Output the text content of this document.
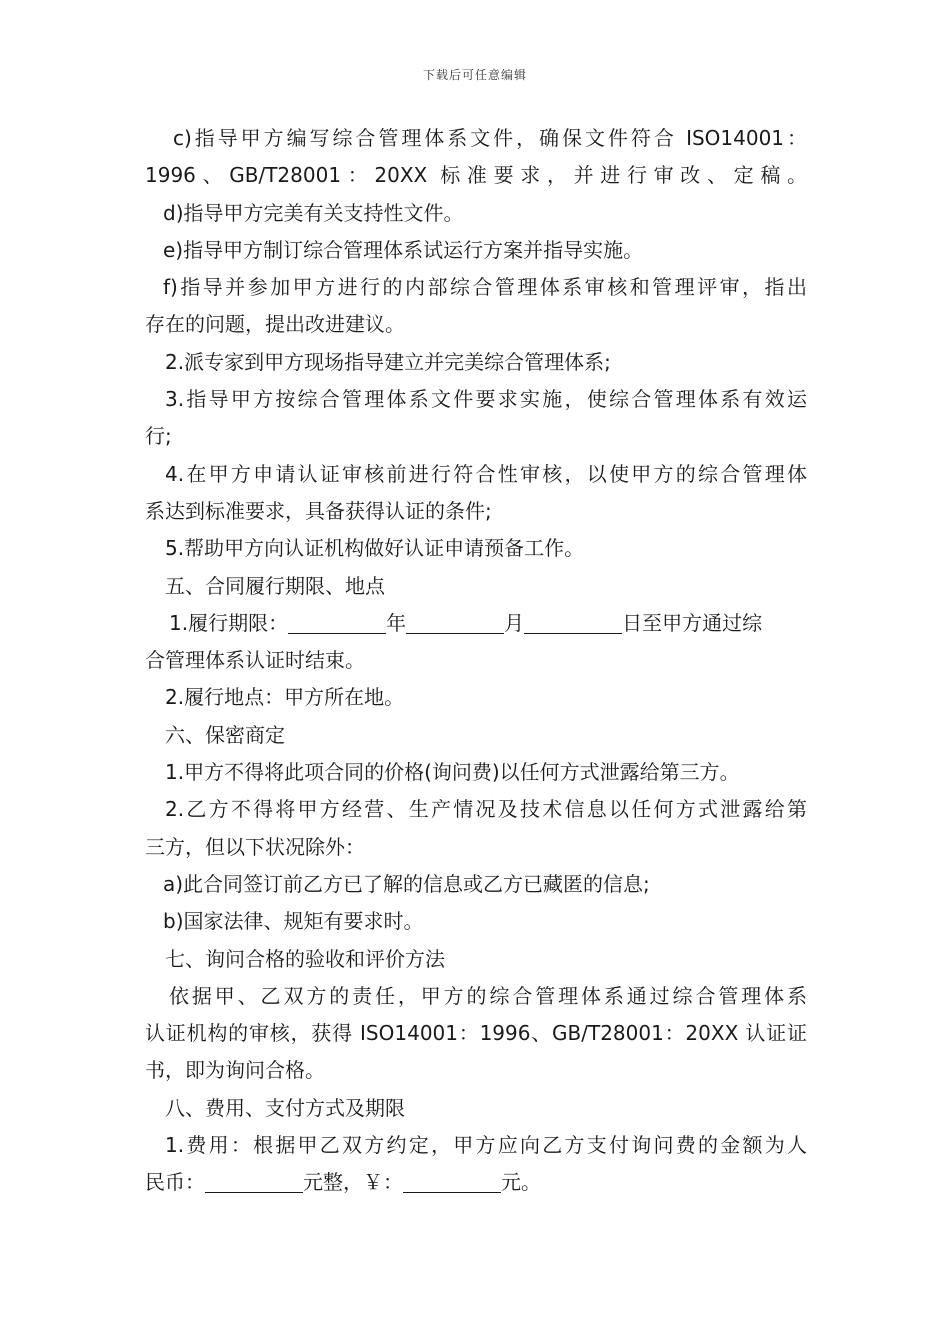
下载后可任意编辑
c)指导甲方编写综合管理体系文件，确保文件符合 ISO14001：
1996、GB/T28001：20XX 标准要求，并进行审改、定稿。
d)指导甲方完美有关支持性文件。
e)指导甲方制订综合管理体系试运行方案并指导实施。
f)指导并参加甲方进行的内部综合管理体系审核和管理评审，指出
存在的问题，提出改进建议。
2.派专家到甲方现场指导建立并完美综合管理体系;
3.指导甲方按综合管理体系文件要求实施，使综合管理体系有效运
行;
4.在甲方申请认证审核前进行符合性审核，以使甲方的综合管理体
系达到标准要求，具备获得认证的条件;
5.帮助甲方向认证机构做好认证申请预备工作。
五、合同履行期限、地点
1.履行期限：	年	月	日至甲方通过综
合管理体系认证时结束。
2.履行地点：甲方所在地。
六、保密商定
1.甲方不得将此项合同的价格(询问费)以任何方式泄露给第三方。
2.乙方不得将甲方经营、生产情况及技术信息以任何方式泄露给第
三方，但以下状况除外：
a)此合同签订前乙方已了解的信息或乙方已藏匿的信息;
b)国家法律、规矩有要求时。
七、询问合格的验收和评价方法
依据甲、乙双方的责任，甲方的综合管理体系通过综合管理体系
认证机构的审核，获得 ISO14001：1996、GB/T28001：20XX 认证证
书，即为询问合格。
八、费用、支付方式及期限
1.费用：根据甲乙双方约定，甲方应向乙方支付询问费的金额为人
民币：	元整，￥：	元。
